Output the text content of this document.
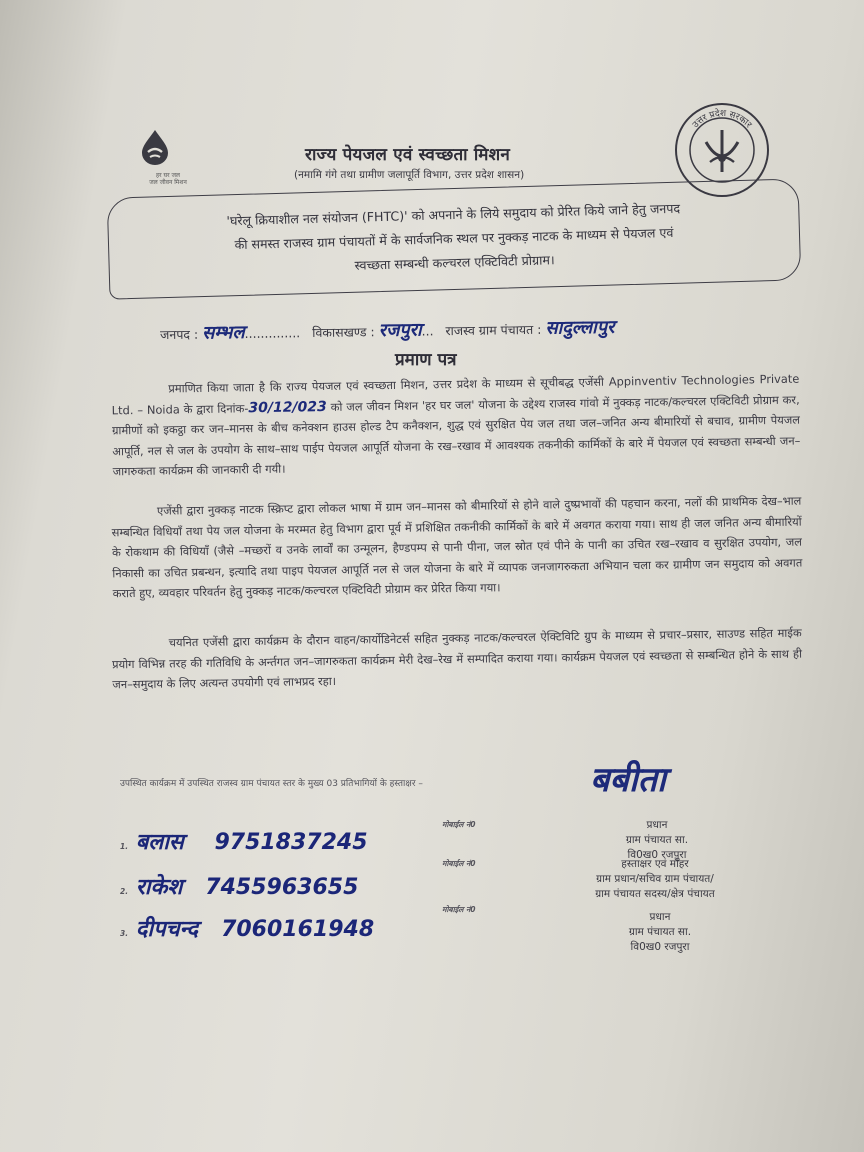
हर घर जल
जल जीवन मिशन
उत्तर प्रदेश सरकार
राज्य पेयजल एवं स्वच्छता मिशन
(नमामि गंगे तथा ग्रामीण जलापूर्ति विभाग, उत्तर प्रदेश शासन)
'घरेलू क्रियाशील नल संयोजन (FHTC)' को अपनाने के लिये समुदाय को प्रेरित किये जाने हेतु जनपद
की समस्त राजस्व ग्राम पंचायतों में के सार्वजनिक स्थल पर नुक्कड़ नाटक के माध्यम से पेयजल एवं
स्वच्छता सम्बन्धी कल्चरल एक्टिविटी प्रोग्राम।
जनपद : सम्भल.............. विकासखण्ड : रजपुरा... राजस्व ग्राम पंचायत : सादुल्लापुर
प्रमाण पत्र
     प्रमाणित किया जाता है कि राज्य पेयजल एवं स्वच्छता मिशन, उत्तर प्रदेश के माध्यम से सूचीबद्ध एजेंसी Appinventiv Technologies Private Ltd. – Noida के द्वारा दिनांक-30/12/023 को जल जीवन मिशन 'हर घर जल' योजना के उद्देश्य राजस्व गांवो में नुक्कड़ नाटक/कल्चरल एक्टिविटी प्रोग्राम कर, ग्रामीणों को इकट्ठा कर जन–मानस के बीच कनेक्शन हाउस होल्ड टैप कनैक्शन, शुद्ध एवं सुरक्षित पेय जल तथा जल–जनित अन्य बीमारियों से बचाव, ग्रामीण पेयजल आपूर्ति, नल से जल के उपयोग के साथ–साथ पाईप पेयजल आपूर्ति योजना के रख–रखाव में आवश्यक तकनीकी कार्मिकों के बारे में पेयजल एवं स्वच्छता सम्बन्धी जन–जागरुकता कार्यक्रम की जानकारी दी गयी।
    एजेंसी द्वारा नुक्कड़ नाटक स्क्रिप्ट द्वारा लोकल भाषा में ग्राम जन–मानस को बीमारियों से होने वाले दुष्प्रभावों की पहचान करना, नलों की प्राथमिक देख–भाल सम्बन्धित विधियाँ तथा पेय जल योजना के मरम्मत हेतु विभाग द्वारा पूर्व में प्रशिक्षित तकनीकी कार्मिकों के बारे में अवगत कराया गया। साथ ही जल जनित अन्य बीमारियों के रोकथाम की विधियाँ (जैसे –मच्छरों व उनके लार्वों का उन्मूलन, हैण्डपम्प से पानी पीना, जल स्रोत एवं पीने के पानी का उचित रख–रखाव व सुरक्षित उपयोग, जल निकासी का उचित प्रबन्धन, इत्यादि तथा पाइप पेयजल आपूर्ति नल से जल योजना के बारे में व्यापक जनजागरुकता अभियान चला कर ग्रामीण जन समुदाय को अवगत कराते हुए, व्यवहार परिवर्तन हेतु नुक्कड़ नाटक/कल्चरल एक्टिविटी प्रोग्राम कर प्रेरित किया गया।
     चयनित एजेंसी द्वारा कार्यक्रम के दौरान वाहन/कार्योडिनेटर्स सहित नुक्कड़ नाटक/कल्चरल ऐक्टिविटि ग्रुप के माध्यम से प्रचार–प्रसार, साउण्ड सहित माईक प्रयोग विभिन्न तरह की गतिविधि के अर्न्तगत जन–जागरुकता कार्यक्रम मेरी देख–रेख में सम्पादित कराया गया। कार्यक्रम पेयजल एवं स्वच्छता से सम्बन्धित होने के साथ ही जन–समुदाय के लिए अत्यन्त उपयोगी एवं लाभप्रद रहा।
उपस्थित कार्यक्रम में उपस्थित राजस्व ग्राम पंचायत स्तर के मुख्य 03 प्रतिभागियों के हस्ताक्षर –
1. बलास 9751837245
मोबाईल नं0
2. राकेश 7455963655
मोबाईल नं0
3. दीपचन्द 7060161948
मोबाईल नं0
बबीता
प्रधान
ग्राम पंचायत सा.
वि0ख0 रजपुरा
हस्ताक्षर एवं मोहर
ग्राम प्रधान/सचिव ग्राम पंचायत/
ग्राम पंचायत सदस्य/क्षेत्र पंचायत
प्रधान
ग्राम पंचायत सा.
वि0ख0 रजपुरा
